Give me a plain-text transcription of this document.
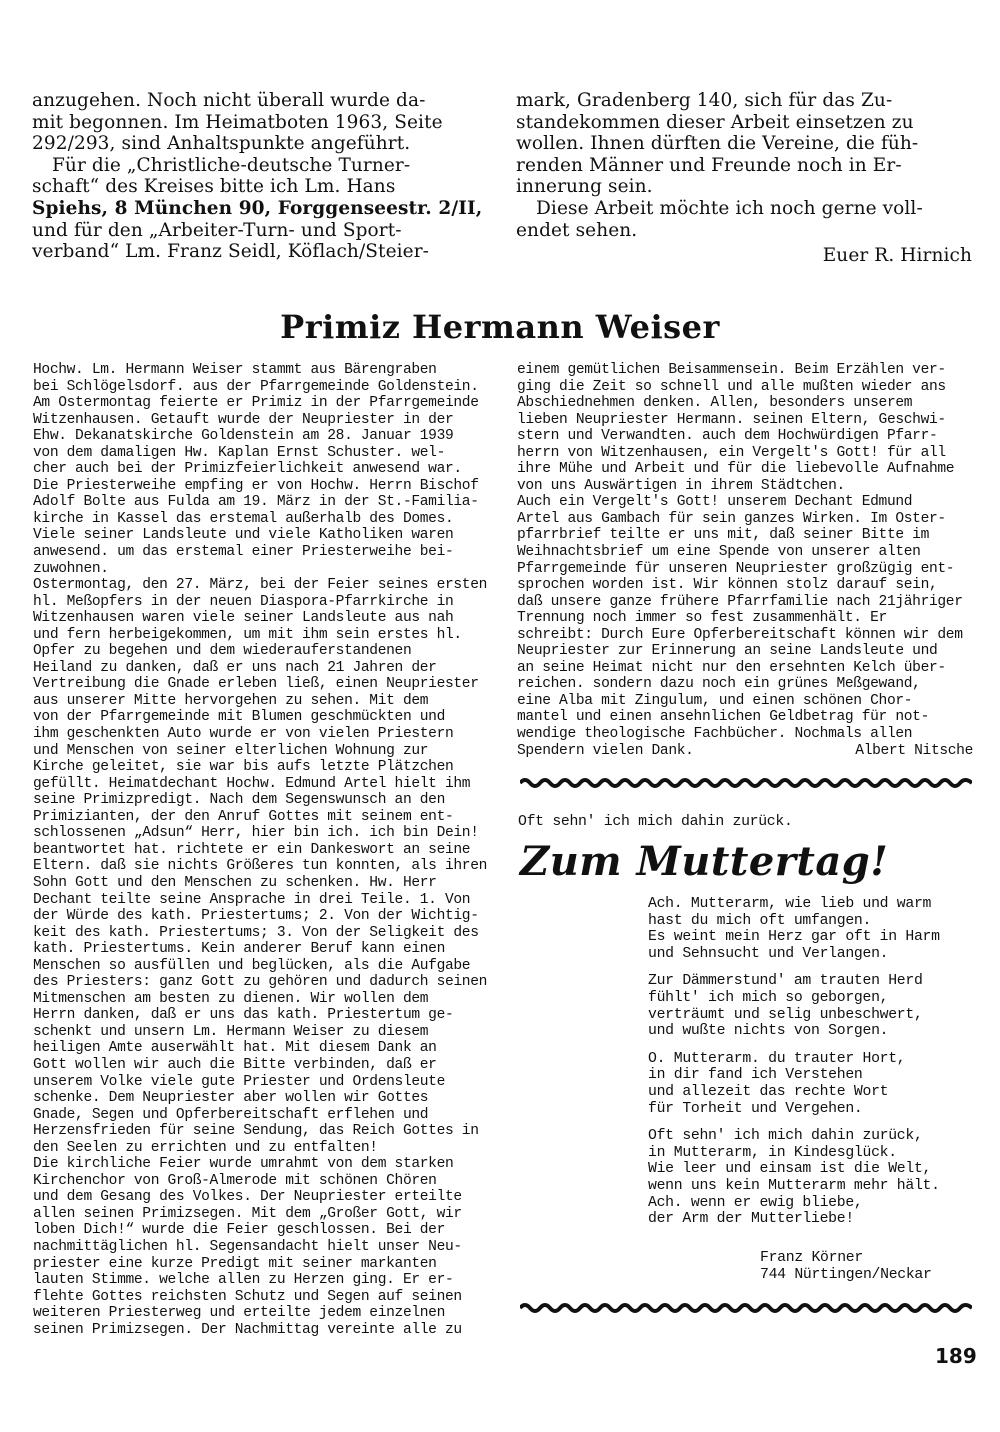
anzugehen. Noch nicht überall wurde da-
mit begonnen. Im Heimatboten 1963, Seite
292/293, sind Anhaltspunkte angeführt.
Für die „Christliche-deutsche Turner-
schaft“ des Kreises bitte ich Lm. Hans
Spiehs, 8 München 90, Forggenseestr. 2/II,
und für den „Arbeiter-Turn- und Sport-
verband“ Lm. Franz Seidl, Köflach/Steier-
mark, Gradenberg 140, sich für das Zu-
standekommen dieser Arbeit einsetzen zu
wollen. Ihnen dürften die Vereine, die füh-
renden Männer und Freunde noch in Er-
innerung sein.
Diese Arbeit möchte ich noch gerne voll-
endet sehen.
Euer R. Hirnich
Primiz Hermann Weiser
Hochw. Lm. Hermann Weiser stammt aus Bärengraben
bei Schlögelsdorf. aus der Pfarrgemeinde Goldenstein.
Am Ostermontag feierte er Primiz in der Pfarrgemeinde
Witzenhausen. Getauft wurde der Neupriester in der
Ehw. Dekanatskirche Goldenstein am 28. Januar 1939
von dem damaligen Hw. Kaplan Ernst Schuster. wel-
cher auch bei der Primizfeierlichkeit anwesend war.
Die Priesterweihe empfing er von Hochw. Herrn Bischof
Adolf Bolte aus Fulda am 19. März in der St.-Familia-
kirche in Kassel das erstemal außerhalb des Domes.
Viele seiner Landsleute und viele Katholiken waren
anwesend. um das erstemal einer Priesterweihe bei-
zuwohnen.
Ostermontag, den 27. März, bei der Feier seines ersten
hl. Meßopfers in der neuen Diaspora-Pfarrkirche in
Witzenhausen waren viele seiner Landsleute aus nah
und fern herbeigekommen, um mit ihm sein erstes hl.
Opfer zu begehen und dem wiederauferstandenen
Heiland zu danken, daß er uns nach 21 Jahren der
Vertreibung die Gnade erleben ließ, einen Neupriester
aus unserer Mitte hervorgehen zu sehen. Mit dem
von der Pfarrgemeinde mit Blumen geschmückten und
ihm geschenkten Auto wurde er von vielen Priestern
und Menschen von seiner elterlichen Wohnung zur
Kirche geleitet, sie war bis aufs letzte Plätzchen
gefüllt. Heimatdechant Hochw. Edmund Artel hielt ihm
seine Primizpredigt. Nach dem Segenswunsch an den
Primizianten, der den Anruf Gottes mit seinem ent-
schlossenen „Adsun“ Herr, hier bin ich. ich bin Dein!
beantwortet hat. richtete er ein Dankeswort an seine
Eltern. daß sie nichts Größeres tun konnten, als ihren
Sohn Gott und den Menschen zu schenken. Hw. Herr
Dechant teilte seine Ansprache in drei Teile. 1. Von
der Würde des kath. Priestertums; 2. Von der Wichtig-
keit des kath. Priestertums; 3. Von der Seligkeit des
kath. Priestertums. Kein anderer Beruf kann einen
Menschen so ausfüllen und beglücken, als die Aufgabe
des Priesters: ganz Gott zu gehören und dadurch seinen
Mitmenschen am besten zu dienen. Wir wollen dem
Herrn danken, daß er uns das kath. Priestertum ge-
schenkt und unsern Lm. Hermann Weiser zu diesem
heiligen Amte auserwählt hat. Mit diesem Dank an
Gott wollen wir auch die Bitte verbinden, daß er
unserem Volke viele gute Priester und Ordensleute
schenke. Dem Neupriester aber wollen wir Gottes
Gnade, Segen und Opferbereitschaft erflehen und
Herzensfrieden für seine Sendung, das Reich Gottes in
den Seelen zu errichten und zu entfalten!
Die kirchliche Feier wurde umrahmt von dem starken
Kirchenchor von Groß-Almerode mit schönen Chören
und dem Gesang des Volkes. Der Neupriester erteilte
allen seinen Primizsegen. Mit dem „Großer Gott, wir
loben Dich!“ wurde die Feier geschlossen. Bei der
nachmittäglichen hl. Segensandacht hielt unser Neu-
priester eine kurze Predigt mit seiner markanten
lauten Stimme. welche allen zu Herzen ging. Er er-
flehte Gottes reichsten Schutz und Segen auf seinen
weiteren Priesterweg und erteilte jedem einzelnen
seinen Primizsegen. Der Nachmittag vereinte alle zu
einem gemütlichen Beisammensein. Beim Erzählen ver-
ging die Zeit so schnell und alle mußten wieder ans
Abschiednehmen denken. Allen, besonders unserem
lieben Neupriester Hermann. seinen Eltern, Geschwi-
stern und Verwandten. auch dem Hochwürdigen Pfarr-
herrn von Witzenhausen, ein Vergelt's Gott! für all
ihre Mühe und Arbeit und für die liebevolle Aufnahme
von uns Auswärtigen in ihrem Städtchen.
Auch ein Vergelt's Gott! unserem Dechant Edmund
Artel aus Gambach für sein ganzes Wirken. Im Oster-
pfarrbrief teilte er uns mit, daß seiner Bitte im
Weihnachtsbrief um eine Spende von unserer alten
Pfarrgemeinde für unseren Neupriester großzügig ent-
sprochen worden ist. Wir können stolz darauf sein,
daß unsere ganze frühere Pfarrfamilie nach 21jähriger
Trennung noch immer so fest zusammenhält. Er
schreibt: Durch Eure Opferbereitschaft können wir dem
Neupriester zur Erinnerung an seine Landsleute und
an seine Heimat nicht nur den ersehnten Kelch über-
reichen. sondern dazu noch ein grünes Meßgewand,
eine Alba mit Zingulum, und einen schönen Chor-
mantel und einen ansehnlichen Geldbetrag für not-
wendige theologische Fachbücher. Nochmals allen
Spendern vielen Dank.	Albert Nitsche
Oft sehn' ich mich dahin zurück.
Zum Muttertag!
Ach. Mutterarm, wie lieb und warm
hast du mich oft umfangen.
Es weint mein Herz gar oft in Harm
und Sehnsucht und Verlangen.
Zur Dämmerstund' am trauten Herd
fühlt' ich mich so geborgen,
verträumt und selig unbeschwert,
und wußte nichts von Sorgen.
O. Mutterarm. du trauter Hort,
in dir fand ich Verstehen
und allezeit das rechte Wort
für Torheit und Vergehen.
Oft sehn' ich mich dahin zurück,
in Mutterarm, in Kindesglück.
Wie leer und einsam ist die Welt,
wenn uns kein Mutterarm mehr hält.
Ach. wenn er ewig bliebe,
der Arm der Mutterliebe!
Franz Körner
744 Nürtingen/Neckar
189
